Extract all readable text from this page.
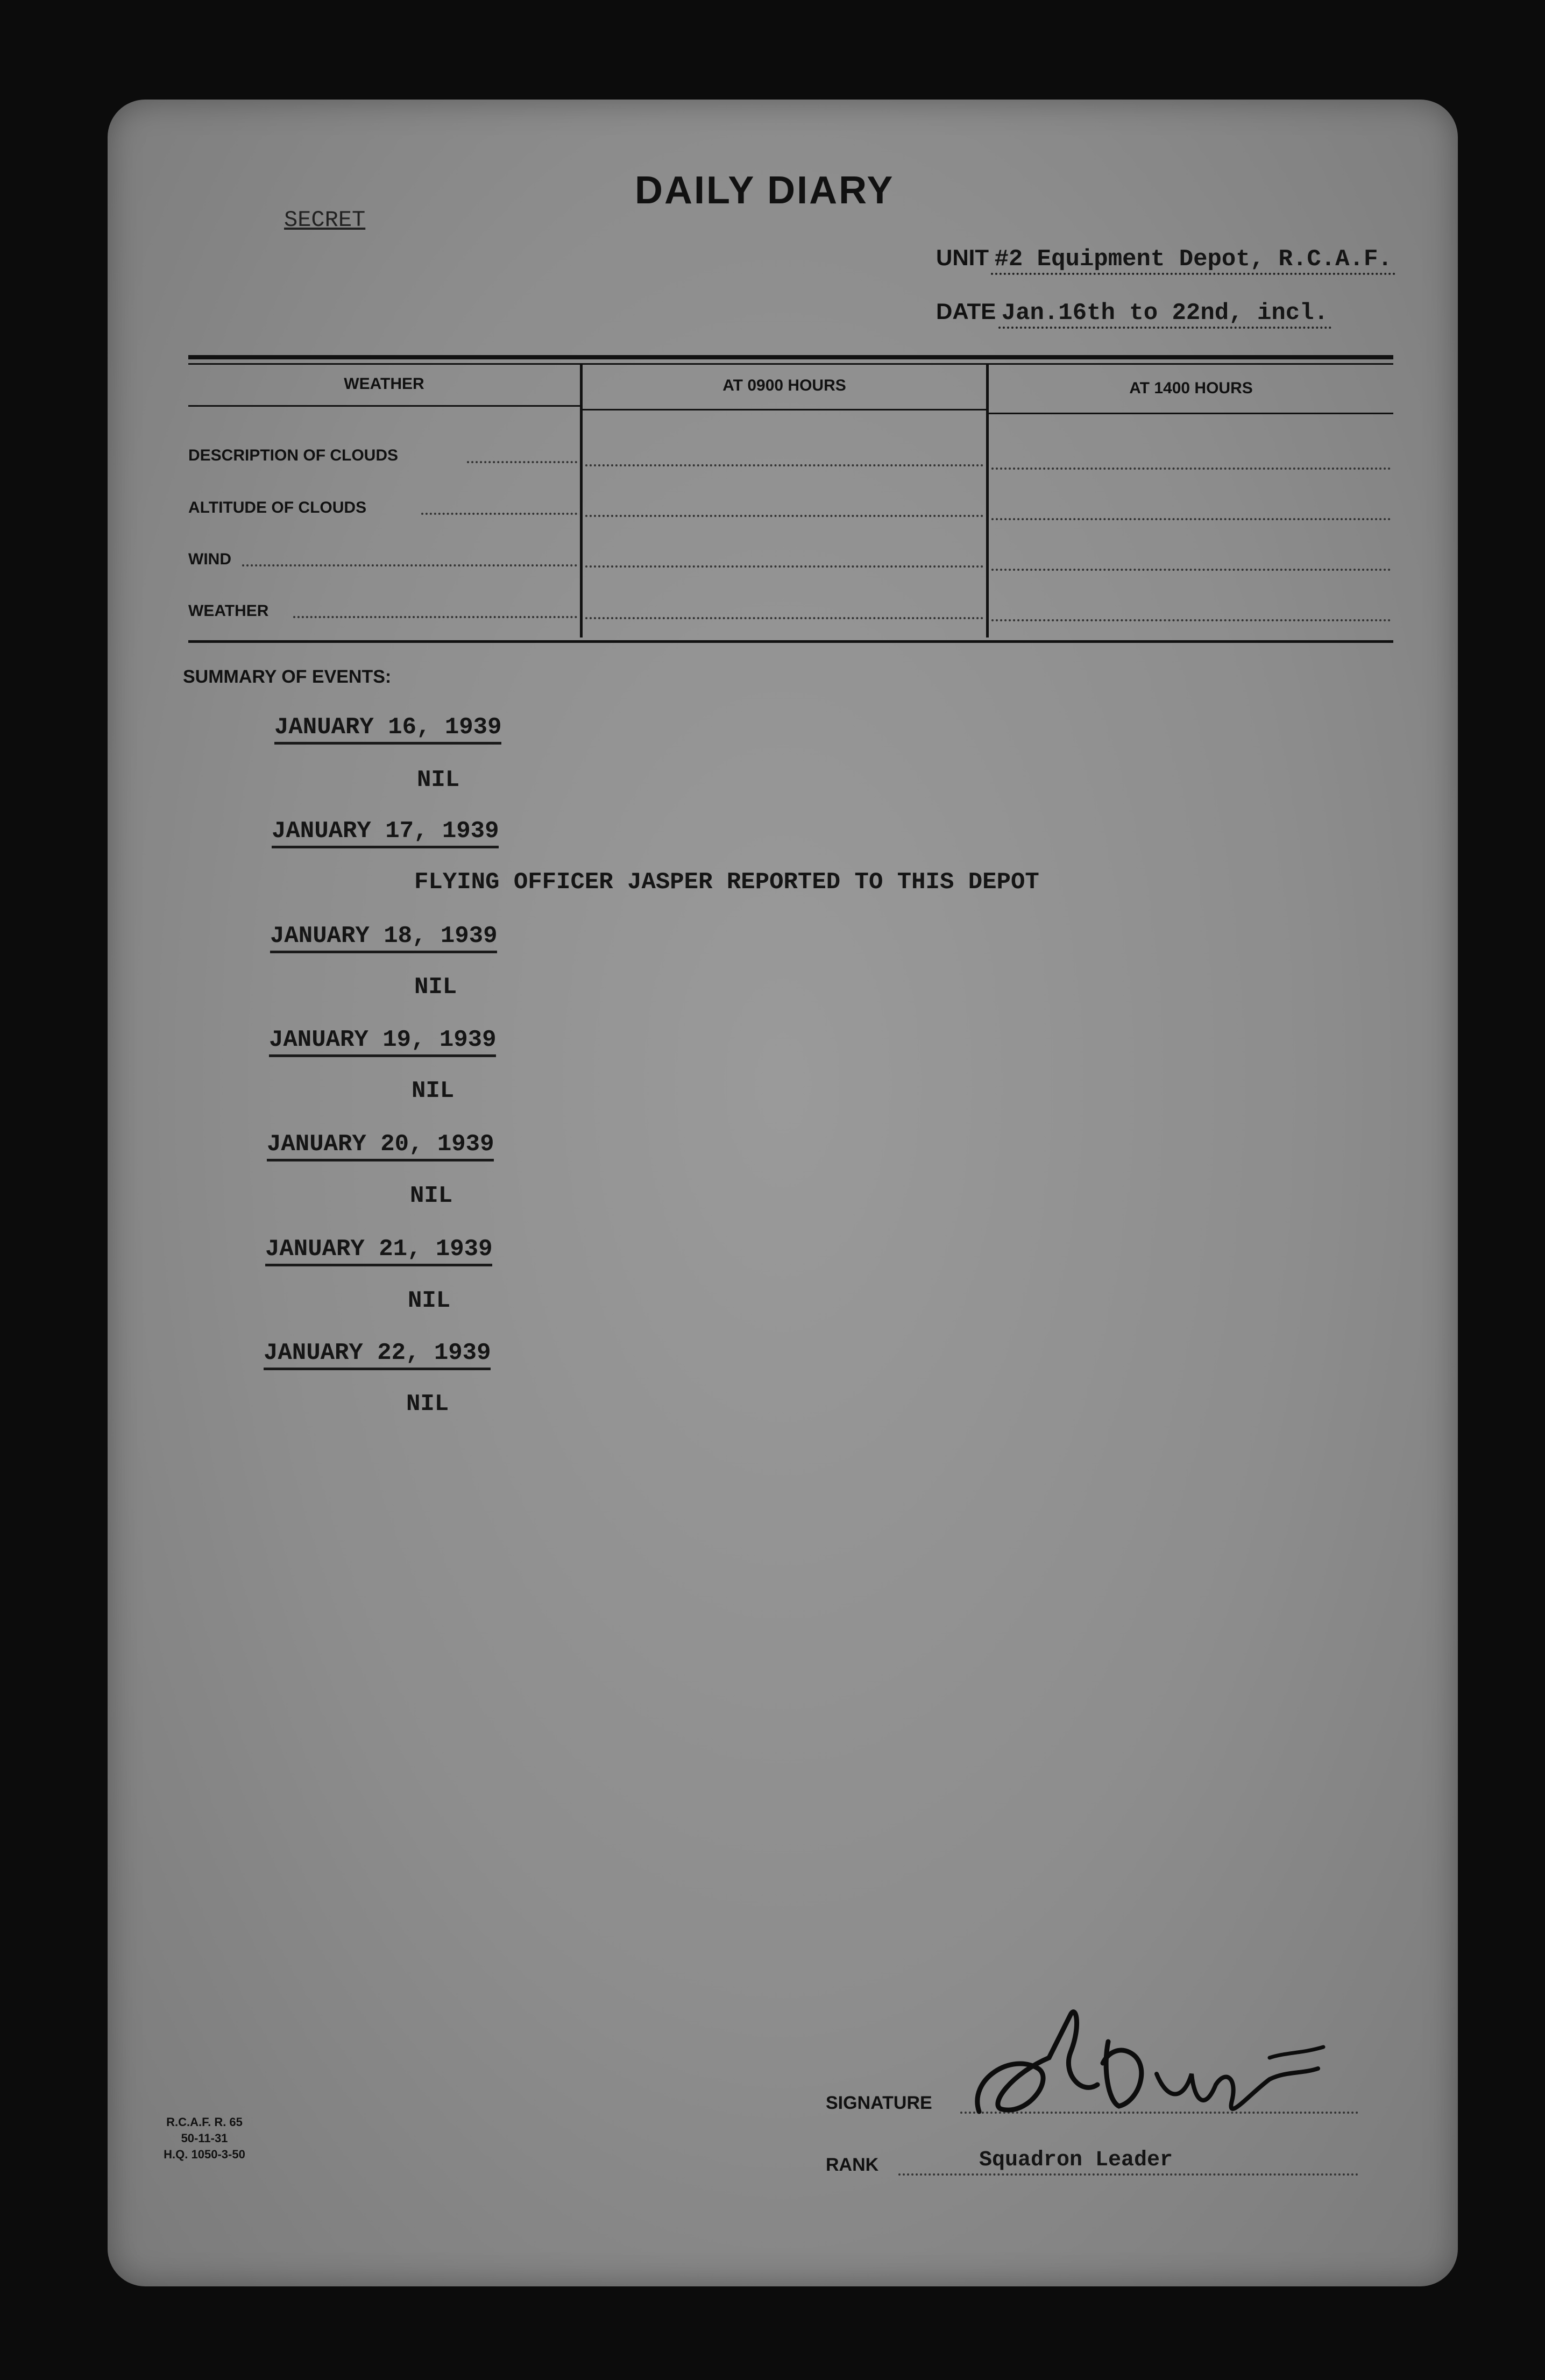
DAILY DIARY
SECRET
UNIT #2 Equipment Depot, R.C.A.F.
DATE Jan.16th to 22nd, incl.
WEATHER	AT 0900 HOURS	AT 1400 HOURS
DESCRIPTION OF CLOUDS
ALTITUDE OF CLOUDS
WIND
WEATHER
SUMMARY OF EVENTS:
JANUARY 16, 1939
NIL
JANUARY 17, 1939
FLYING OFFICER JASPER REPORTED TO THIS DEPOT
JANUARY 18, 1939
NIL
JANUARY 19, 1939
NIL
JANUARY 20, 1939
NIL
JANUARY 21, 1939
NIL
JANUARY 22, 1939
NIL
SIGNATURE
RANK	Squadron Leader
R.C.A.F. R. 65
50-11-31
H.Q. 1050-3-50
